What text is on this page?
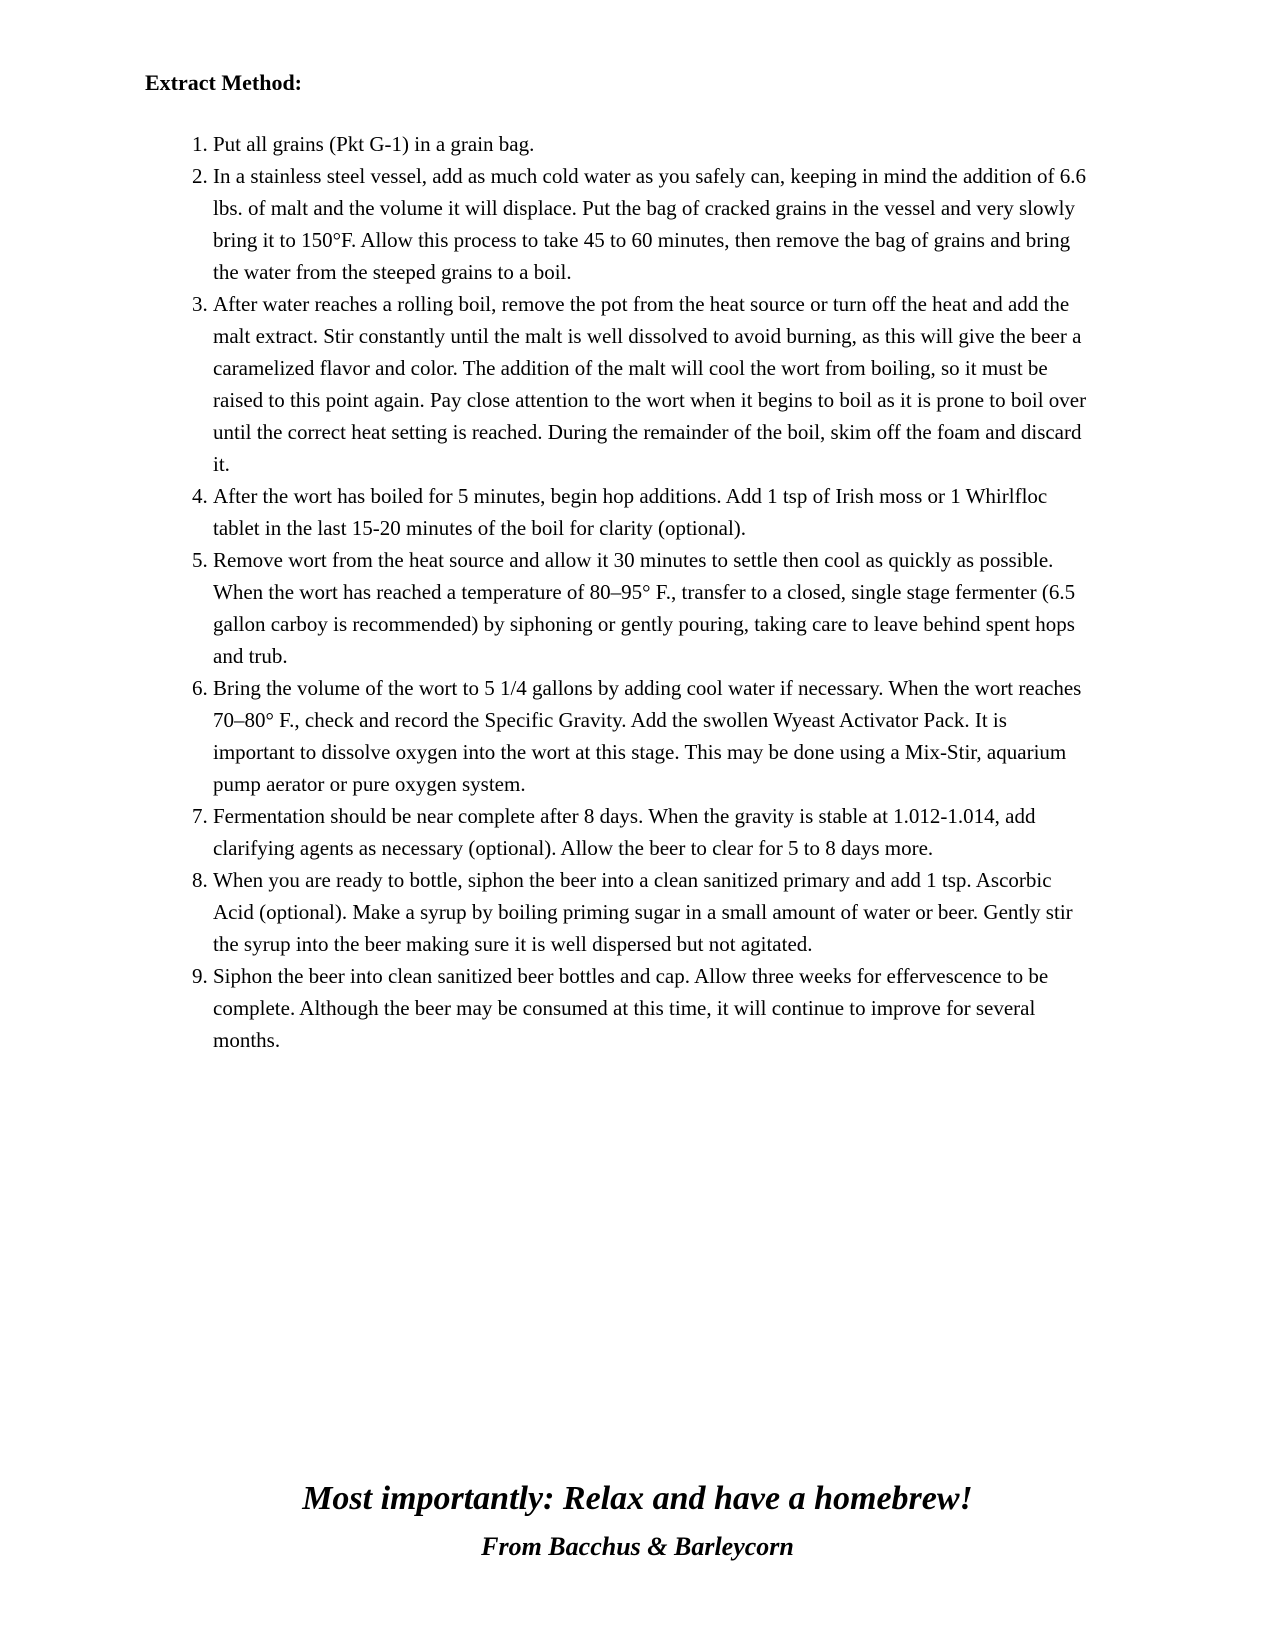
Extract Method:
1. Put all grains (Pkt G-1) in a grain bag.
2. In a stainless steel vessel, add as much cold water as you safely can, keeping in mind the addition of 6.6 lbs. of malt and the volume it will displace. Put the bag of cracked grains in the vessel and very slowly bring it to 150°F. Allow this process to take 45 to 60 minutes, then remove the bag of grains and bring the water from the steeped grains to a boil.
3. After water reaches a rolling boil, remove the pot from the heat source or turn off the heat and add the malt extract. Stir constantly until the malt is well dissolved to avoid burning, as this will give the beer a caramelized flavor and color. The addition of the malt will cool the wort from boiling, so it must be raised to this point again. Pay close attention to the wort when it begins to boil as it is prone to boil over until the correct heat setting is reached. During the remainder of the boil, skim off the foam and discard it.
4. After the wort has boiled for 5 minutes, begin hop additions. Add 1 tsp of Irish moss or 1 Whirlfloc tablet in the last 15-20 minutes of the boil for clarity (optional).
5. Remove wort from the heat source and allow it 30 minutes to settle then cool as quickly as possible. When the wort has reached a temperature of 80–95° F., transfer to a closed, single stage fermenter (6.5 gallon carboy is recommended) by siphoning or gently pouring, taking care to leave behind spent hops and trub.
6. Bring the volume of the wort to 5 1/4 gallons by adding cool water if necessary. When the wort reaches 70–80° F., check and record the Specific Gravity. Add the swollen Wyeast Activator Pack. It is important to dissolve oxygen into the wort at this stage. This may be done using a Mix-Stir, aquarium pump aerator or pure oxygen system.
7. Fermentation should be near complete after 8 days. When the gravity is stable at 1.012-1.014, add clarifying agents as necessary (optional). Allow the beer to clear for 5 to 8 days more.
8. When you are ready to bottle, siphon the beer into a clean sanitized primary and add 1 tsp. Ascorbic Acid (optional). Make a syrup by boiling priming sugar in a small amount of water or beer. Gently stir the syrup into the beer making sure it is well dispersed but not agitated.
9. Siphon the beer into clean sanitized beer bottles and cap. Allow three weeks for effervescence to be complete. Although the beer may be consumed at this time, it will continue to improve for several months.

Most importantly: Relax and have a homebrew!

From Bacchus & Barleycorn
